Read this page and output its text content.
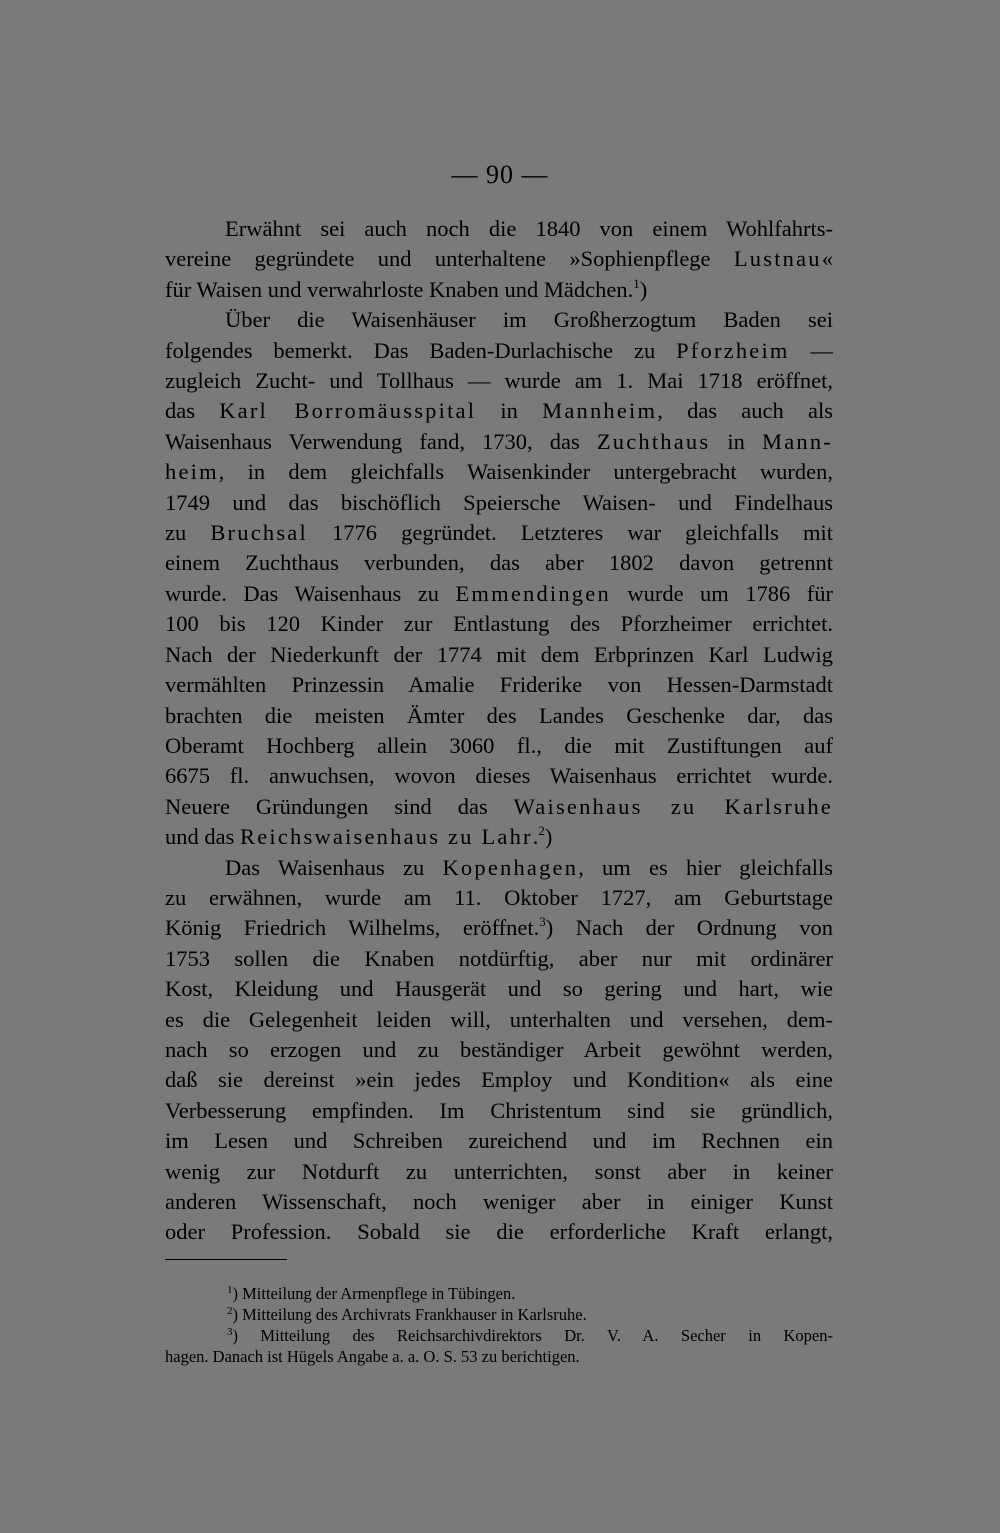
— 90 —
Erwähnt sei auch noch die 1840 von einem Wohlfahrts-
vereine gegründete und unterhaltene »Sophienpflege Lustnau«
für Waisen und verwahrloste Knaben und Mädchen.$^1$)
Über die Waisenhäuser im Großherzogtum Baden sei
folgendes bemerkt. Das Baden-Durlachische zu Pforzheim —
zugleich Zucht- und Tollhaus — wurde am 1. Mai 1718 eröffnet,
das Karl Borromäusspital in Mannheim, das auch als
Waisenhaus Verwendung fand, 1730, das Zuchthaus in Mann-
heim, in dem gleichfalls Waisenkinder untergebracht wurden,
1749 und das bischöflich Speiersche Waisen- und Findelhaus
zu Bruchsal 1776 gegründet. Letzteres war gleichfalls mit
einem Zuchthaus verbunden, das aber 1802 davon getrennt
wurde. Das Waisenhaus zu Emmendingen wurde um 1786 für
100 bis 120 Kinder zur Entlastung des Pforzheimer errichtet.
Nach der Niederkunft der 1774 mit dem Erbprinzen Karl Ludwig
vermählten Prinzessin Amalie Friderike von Hessen-Darmstadt
brachten die meisten Ämter des Landes Geschenke dar, das
Oberamt Hochberg allein 3060 fl., die mit Zustiftungen auf
6675 fl. anwuchsen, wovon dieses Waisenhaus errichtet wurde.
Neuere Gründungen sind das Waisenhaus zu Karlsruhe
und das Reichswaisenhaus zu Lahr.$^2$)
Das Waisenhaus zu Kopenhagen, um es hier gleichfalls
zu erwähnen, wurde am 11. Oktober 1727, am Geburtstage
König Friedrich Wilhelms, eröffnet.$^3$) Nach der Ordnung von
1753 sollen die Knaben notdürftig, aber nur mit ordinärer
Kost, Kleidung und Hausgerät und so gering und hart, wie
es die Gelegenheit leiden will, unterhalten und versehen, dem-
nach so erzogen und zu beständiger Arbeit gewöhnt werden,
daß sie dereinst »ein jedes Employ und Kondition« als eine
Verbesserung empfinden. Im Christentum sind sie gründlich,
im Lesen und Schreiben zureichend und im Rechnen ein
wenig zur Notdurft zu unterrichten, sonst aber in keiner
anderen Wissenschaft, noch weniger aber in einiger Kunst
oder Profession. Sobald sie die erforderliche Kraft erlangt,
$^1$) Mitteilung der Armenpflege in Tübingen.
$^2$) Mitteilung des Archivrats Frankhauser in Karlsruhe.
$^3$) Mitteilung des Reichsarchivdirektors Dr. V. A. Secher in Kopen-
hagen. Danach ist Hügels Angabe a. a. O. S. 53 zu berichtigen.
